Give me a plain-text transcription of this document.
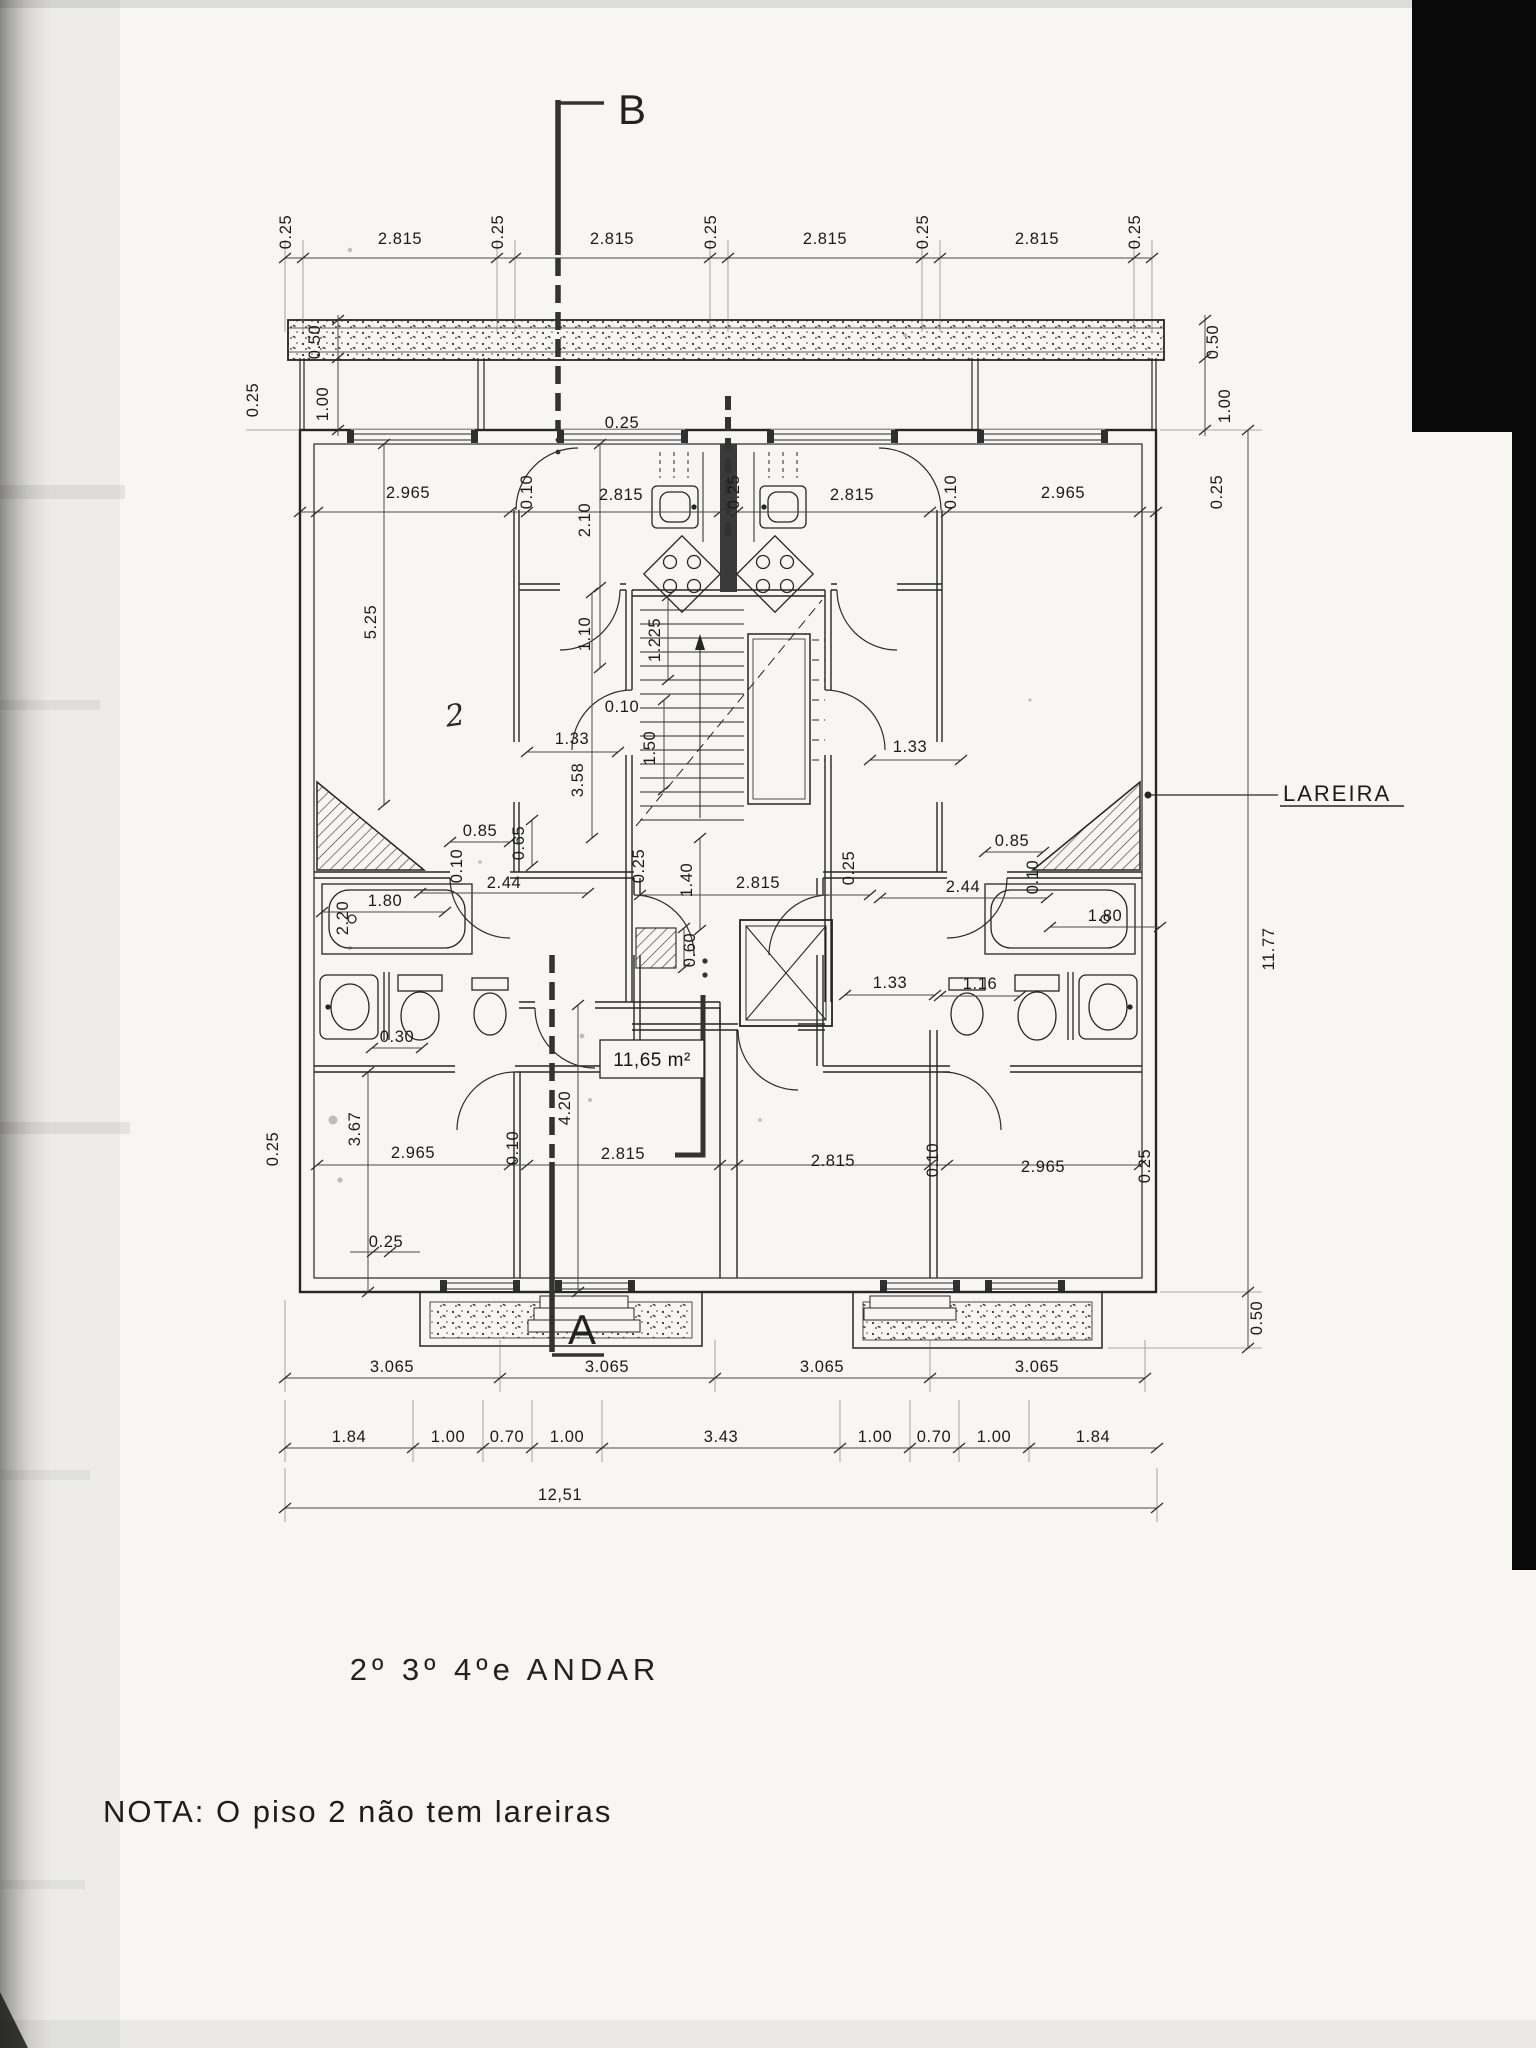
B
A
LAREIRA
11,65 m²
2
2º 3º 4ºe ANDAR
NOTA: O piso 2 não tem lareiras
0.25	2.815	0.25	2.815	0.25	2.815	0.25	2.815	0.25
0.50
1.00
0.50
1.00
0.25
0.25
2.965	0.10	2.815	0.25	2.815	0.10	2.965
0.25
2.10
1.10
0.10
1.225
1.50
1.33	1.33
5.25
3.58
0.65
2.44
0.85
0.10
2.20 1.80
0.30
0.25 1.40 2.815	0.25
0.60
2.44
0.85
0.10
1.80
1.33	1.16
4.20
0.10
2.965
0.25
3.67
0.25	2.815	2.815	0.10	2.965	0.25
11.77
0.50
3.065	3.065	3.065	3.065
1.84	1.00 0.70 1.00	3.43	1.00 0.70 1.00	1.84
12,51
